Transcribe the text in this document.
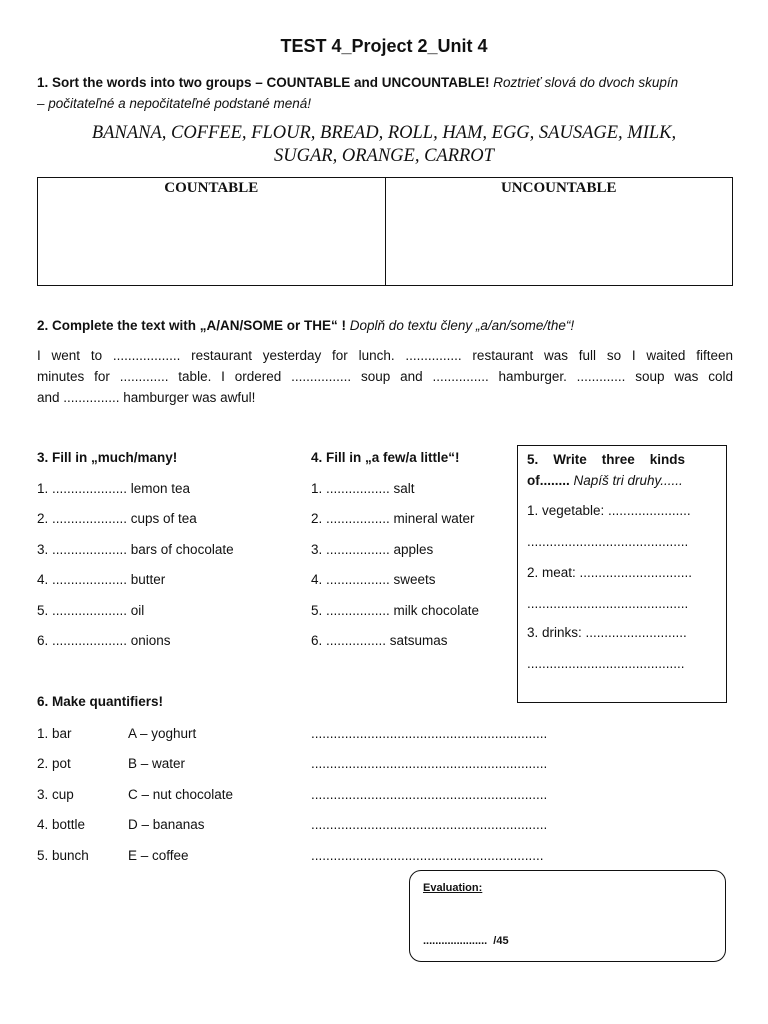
TEST 4_Project 2_Unit 4
1. Sort the words into two groups – COUNTABLE and UNCOUNTABLE! Roztrieť slová do dvoch skupín
– počitateľné a nepočitateľné podstané mená!
BANANA, COFFEE, FLOUR, BREAD, ROLL, HAM, EGG, SAUSAGE, MILK,
SUGAR, ORANGE, CARROT
COUNTABLE	UNCOUNTABLE
2. Complete the text with „A/AN/SOME or THE“ ! Doplň do textu členy „a/an/some/the“!
I went to .................. restaurant yesterday for lunch. ............... restaurant was full so I waited fifteen
minutes for ............. table. I ordered ................ soup and ............... hamburger. ............. soup was cold
and ............... hamburger was awful!
3. Fill in „much/many!
1. .................... lemon tea
2. .................... cups of tea
3. .................... bars of chocolate
4. .................... butter
5. .................... oil
6. .................... onions
4. Fill in „a few/a little“!
1. ................. salt
2. ................. mineral water
3. ................. apples
4. ................. sweets
5. ................. milk chocolate
6. ................ satsumas
5.    Write    three    kinds
of........ Napíš tri druhy......
1. vegetable: ......................
...........................................
2. meat: ..............................
...........................................
3. drinks: ...........................
..........................................
6. Make quantifiers!
1. bar	A – yoghurt	...............................................................
2. pot	B – water	...............................................................
3. cup	C – nut chocolate	...............................................................
4. bottle	D – bananas	...............................................................
5. bunch	E – coffee	..............................................................
Evaluation:
.....................  /45
